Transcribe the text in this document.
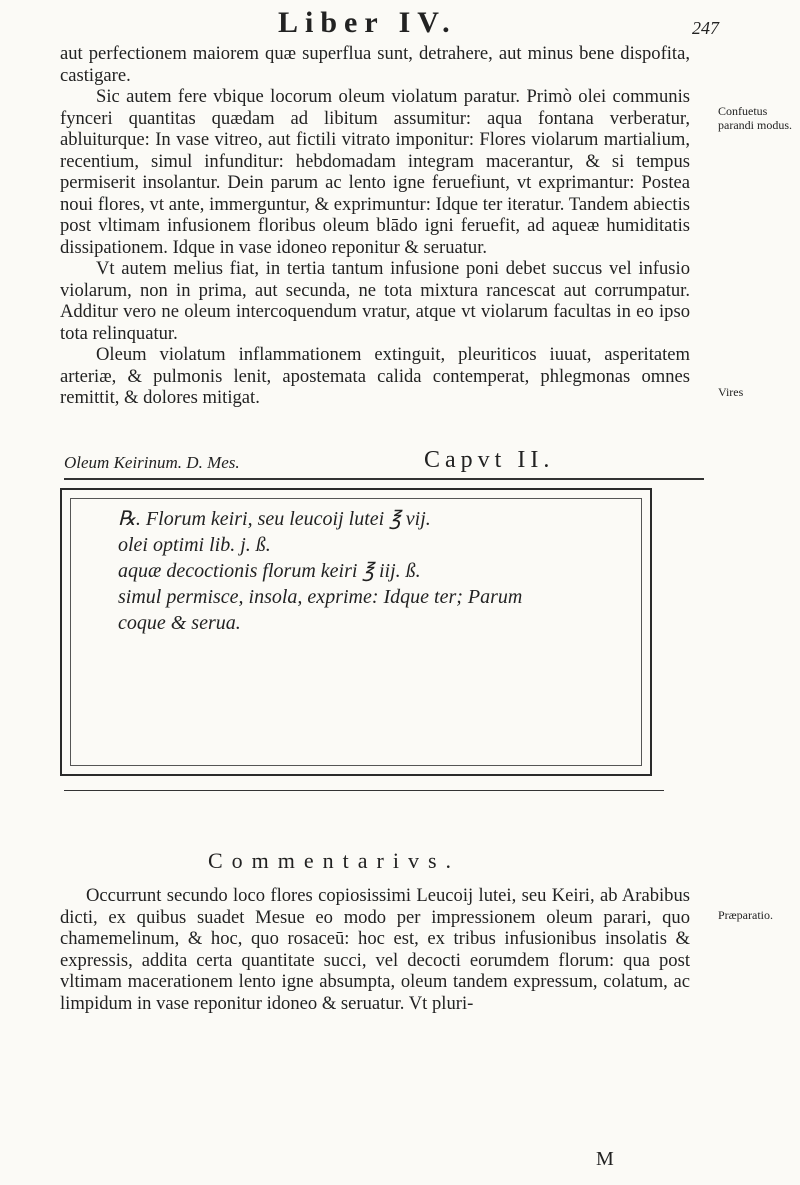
Liber IV.	247

aut perfectionem maiorem quæ superflua sunt, detrahere, aut minus bene dispofita, castigare.

Sic autem fere vbique locorum oleum violatum paratur. Primò olei communis fynceri quantitas quædam ad libitum assumitur: aqua fontana verberatur, abluiturque: In vase vitreo, aut fictili vitrato imponitur: Flores violarum martialium, recentium, simul infunditur: hebdomadam integram macerantur, & si tempus permiserit insolantur. Dein parum ac lento igne feruefiunt, vt exprimantur: Postea noui flores, vt ante, immerguntur, & exprimuntur: Idque ter iteratur. Tandem abiectis post vltimam infusionem floribus oleum blādo igni feruefit, ad aqueæ humiditatis dissipationem. Idque in vase idoneo reponitur & seruatur.

Vt autem melius fiat, in tertia tantum infusione poni debet succus vel infusio violarum, non in prima, aut secunda, ne tota mixtura rancescat aut corrumpatur. Additur vero ne oleum intercoquendum vratur, atque vt violarum facultas in eo ipso tota relinquatur.

Oleum violatum inflammationem extinguit, pleuriticos iuuat, asperitatem arteriæ, & pulmonis lenit, apostemata calida contemperat, phlegmonas omnes remittit, & dolores mitigat.

Confuetus parandi modus.
Vires
Præparatio.
Oleum Keirinum. D. Mes.	Capvt II.
℞. Florum keiri, seu leucoij lutei ℥ vij.
olei optimi lib. j. ß.
aquæ decoctionis florum keiri ℥ iij. ß.
simul permisce, insola, exprime: Idque ter; Parum
coque & serua.
Commentarivs.

Occurrunt secundo loco flores copiosissimi Leucoij lutei, seu Keiri, ab Arabibus dicti, ex quibus suadet Mesue eo modo per impressionem oleum parari, quo chamemelinum, & hoc, quo rosaceū: hoc est, ex tribus infusionibus insolatis & expressis, addita certa quantitate succi, vel decocti eorumdem florum: qua post vltimam macerationem lento igne absumpta, oleum tandem expressum, colatum, ac limpidum in vase reponitur idoneo & seruatur. Vt pluri-

M
